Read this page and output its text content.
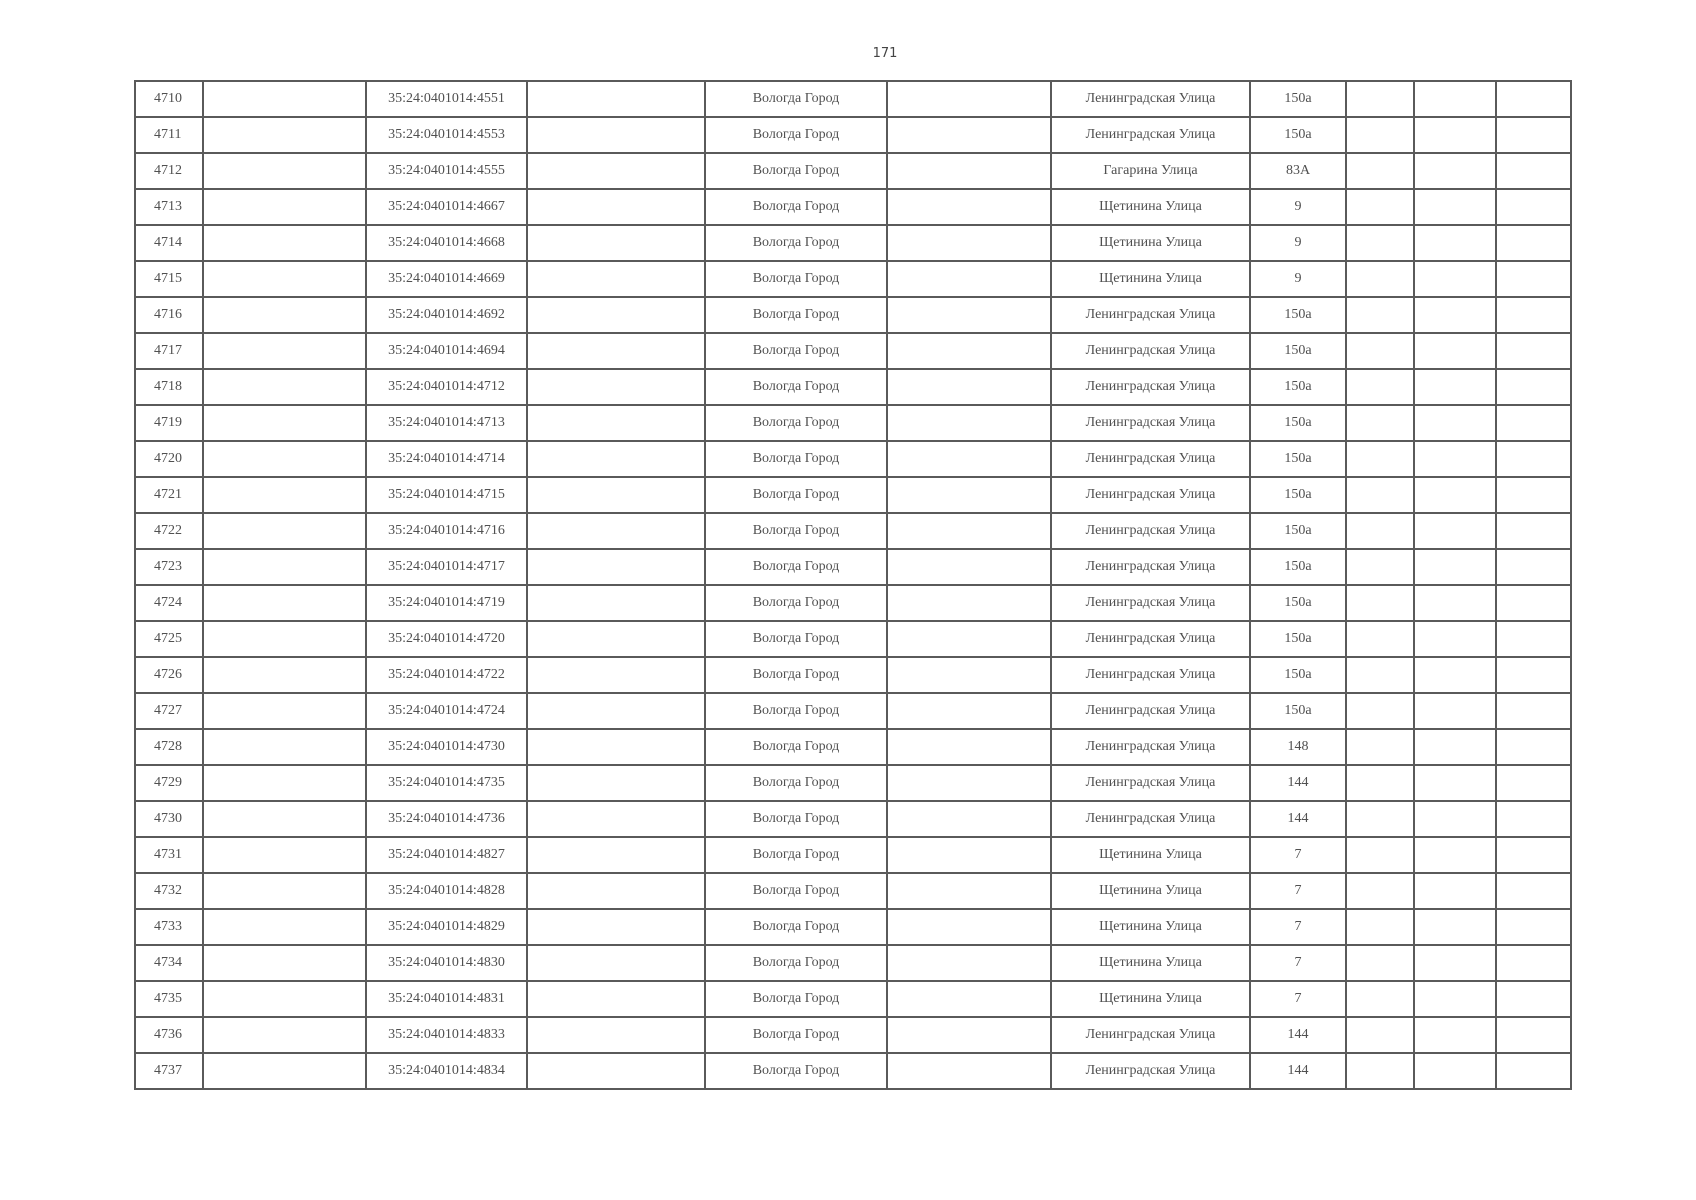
171
4710		35:24:0401014:4551		Вологда Город		Ленинградская Улица	150а			
4711		35:24:0401014:4553		Вологда Город		Ленинградская Улица	150а			
4712		35:24:0401014:4555		Вологда Город		Гагарина Улица	83А			
4713		35:24:0401014:4667		Вологда Город		Щетинина Улица	9			
4714		35:24:0401014:4668		Вологда Город		Щетинина Улица	9			
4715		35:24:0401014:4669		Вологда Город		Щетинина Улица	9			
4716		35:24:0401014:4692		Вологда Город		Ленинградская Улица	150а			
4717		35:24:0401014:4694		Вологда Город		Ленинградская Улица	150а			
4718		35:24:0401014:4712		Вологда Город		Ленинградская Улица	150а			
4719		35:24:0401014:4713		Вологда Город		Ленинградская Улица	150а			
4720		35:24:0401014:4714		Вологда Город		Ленинградская Улица	150а			
4721		35:24:0401014:4715		Вологда Город		Ленинградская Улица	150а			
4722		35:24:0401014:4716		Вологда Город		Ленинградская Улица	150а			
4723		35:24:0401014:4717		Вологда Город		Ленинградская Улица	150а			
4724		35:24:0401014:4719		Вологда Город		Ленинградская Улица	150а			
4725		35:24:0401014:4720		Вологда Город		Ленинградская Улица	150а			
4726		35:24:0401014:4722		Вологда Город		Ленинградская Улица	150а			
4727		35:24:0401014:4724		Вологда Город		Ленинградская Улица	150а			
4728		35:24:0401014:4730		Вологда Город		Ленинградская Улица	148			
4729		35:24:0401014:4735		Вологда Город		Ленинградская Улица	144			
4730		35:24:0401014:4736		Вологда Город		Ленинградская Улица	144			
4731		35:24:0401014:4827		Вологда Город		Щетинина Улица	7			
4732		35:24:0401014:4828		Вологда Город		Щетинина Улица	7			
4733		35:24:0401014:4829		Вологда Город		Щетинина Улица	7			
4734		35:24:0401014:4830		Вологда Город		Щетинина Улица	7			
4735		35:24:0401014:4831		Вологда Город		Щетинина Улица	7			
4736		35:24:0401014:4833		Вологда Город		Ленинградская Улица	144			
4737		35:24:0401014:4834		Вологда Город		Ленинградская Улица	144			
